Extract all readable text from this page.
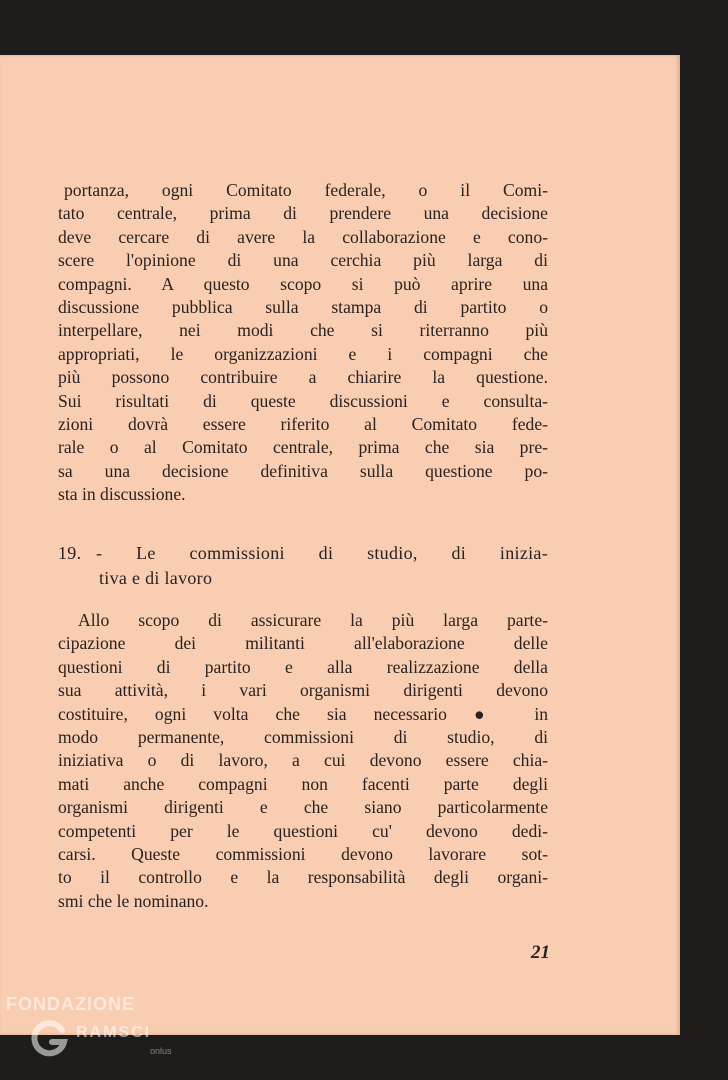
portanza, ogni Comitato federale, o il Comi-
tato centrale, prima di prendere una decisione
deve cercare di avere la collaborazione e cono-
scere l'opinione di una cerchia più larga di
compagni. A questo scopo si può aprire una
discussione pubblica sulla stampa di partito o
interpellare, nei modi che si riterranno più
appropriati, le organizzazioni e i compagni che
più possono contribuire a chiarire la questione.
Sui risultati di queste discussioni e consulta-
zioni dovrà essere riferito al Comitato fede-
rale o al Comitato centrale, prima che sia pre-
sa una decisione definitiva sulla questione po-
sta in discussione.
19. - Le commissioni di studio, di inizia-
tiva e di lavoro
Allo scopo di assicurare la più larga parte-
cipazione dei militanti all'elaborazione delle
questioni di partito e alla realizzazione della
sua attività, i vari organismi dirigenti devono
costituire, ogni volta che sia necessario ● in
modo permanente, commissioni di studio, di
iniziativa o di lavoro, a cui devono essere chia-
mati anche compagni non facenti parte degli
organismi dirigenti e che siano particolarmente
competenti per le questioni cu' devono dedi-
carsi. Queste commissioni devono lavorare sot-
to il controllo e la responsabilità degli organi-
smi che le nominano.
21
FONDAZIONE
RAMSCI
onlus
